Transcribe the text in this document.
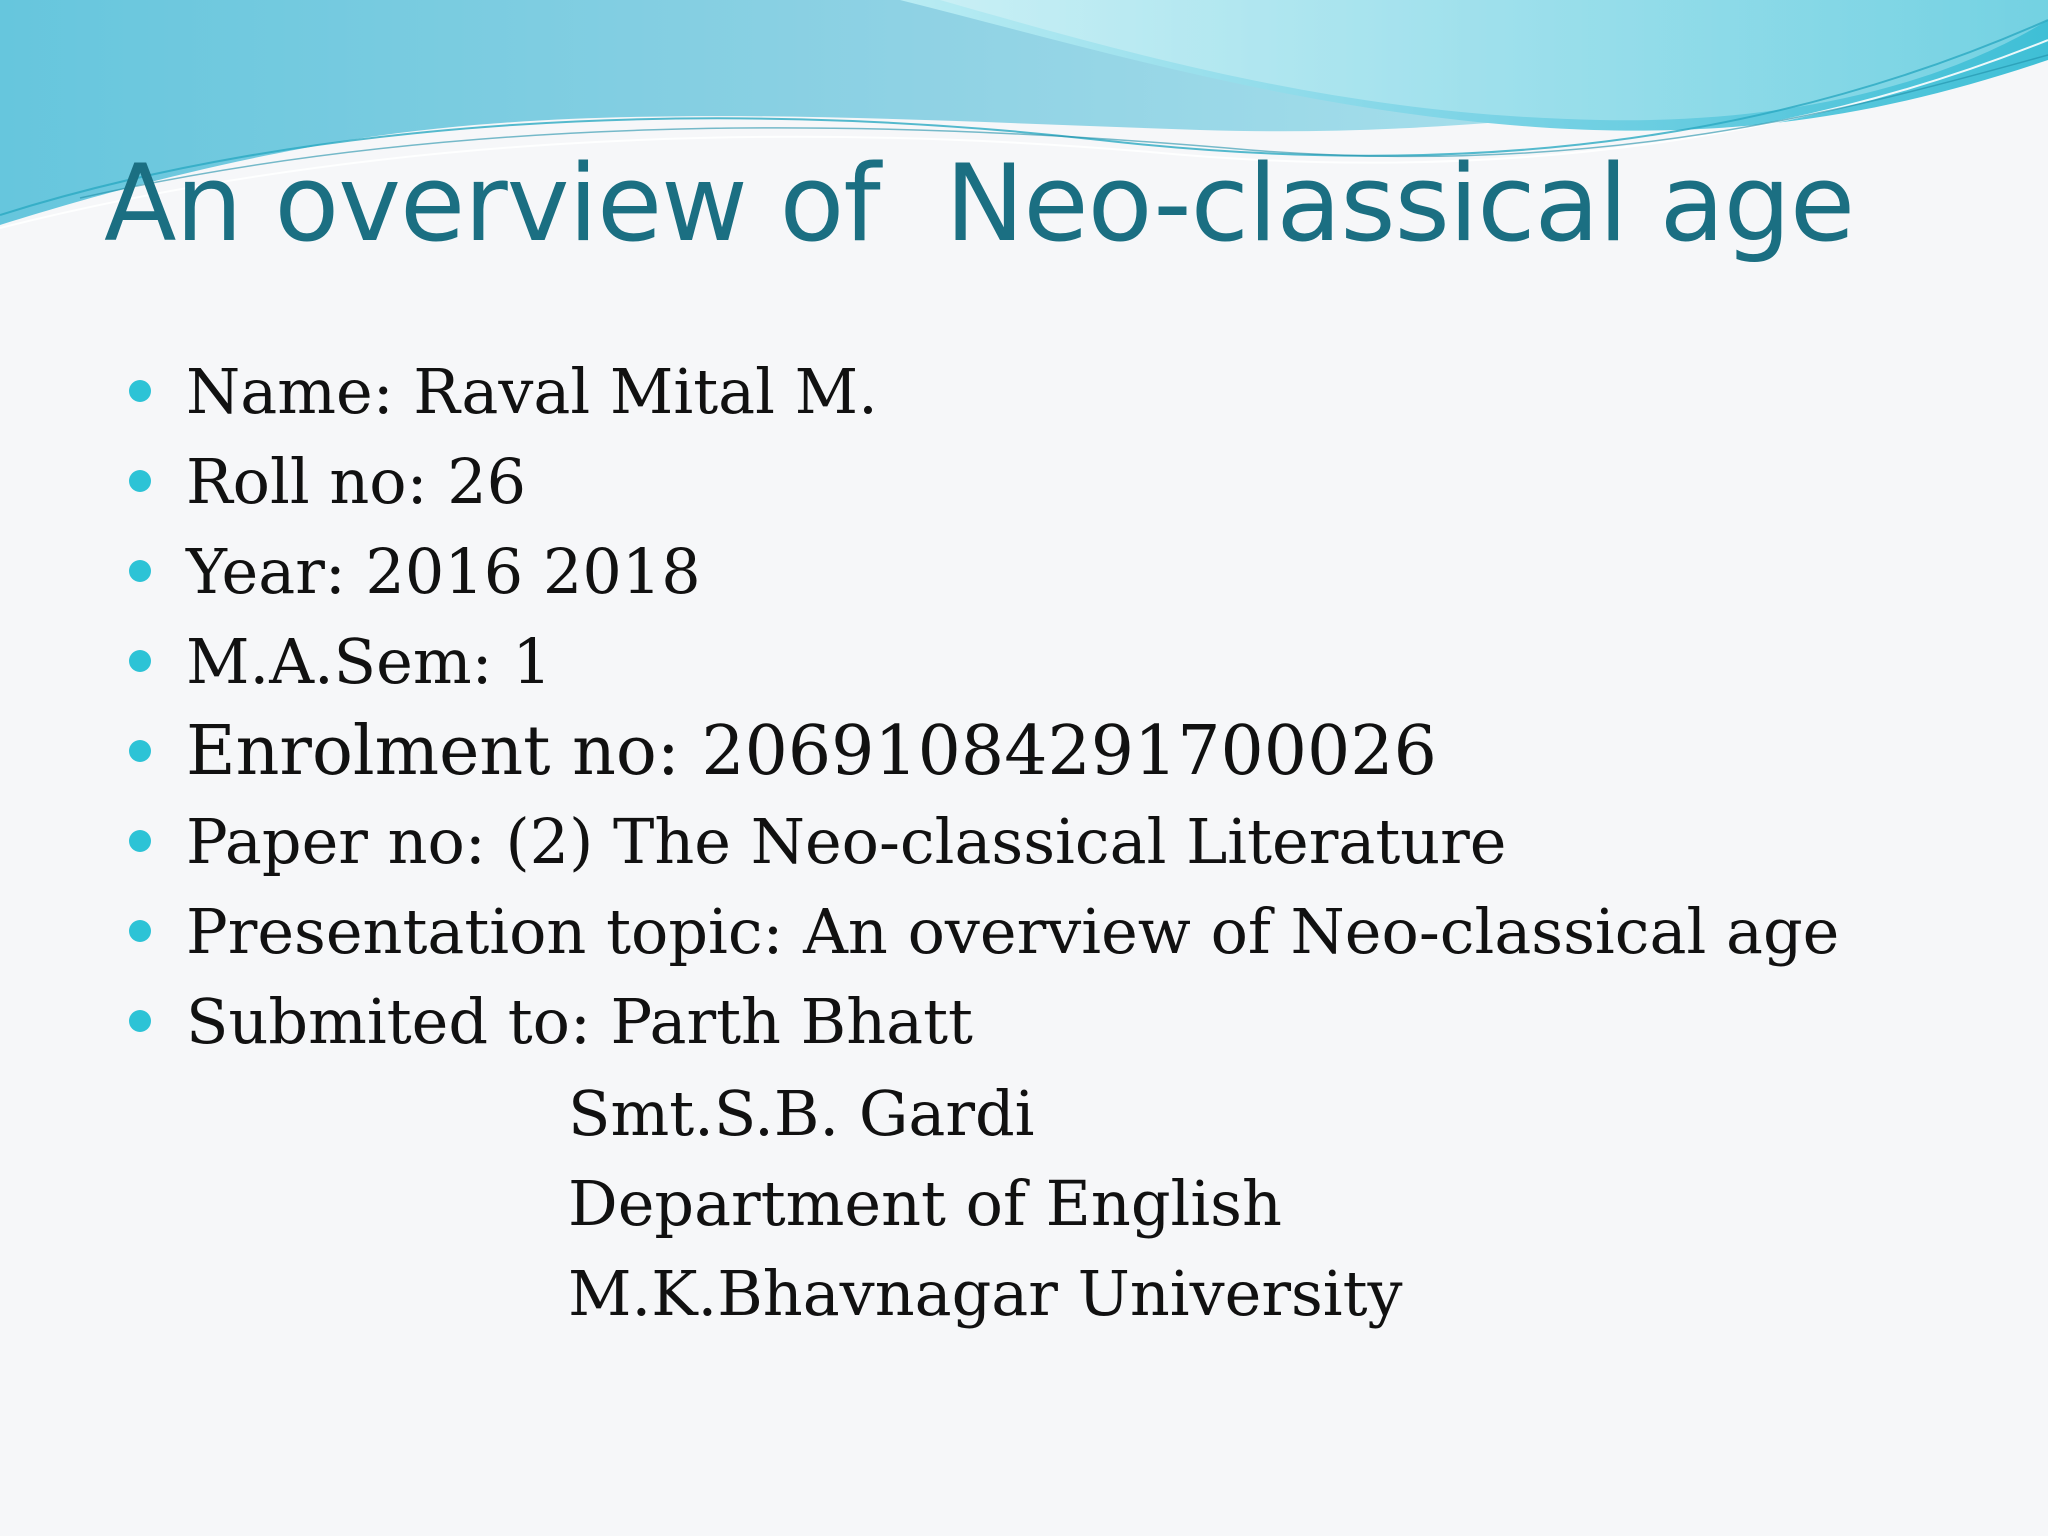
An overview of  Neo-classical age
Name: Raval Mital M.
Roll no: 26
Year: 2016 2018
M.A.Sem: 1
Enrolment no: 20691084291700026
Paper no: (2) The Neo-classical Literature
Presentation topic: An overview of Neo-classical age
Submited to: Parth Bhatt
Smt.S.B. Gardi
Department of English
M.K.Bhavnagar University
